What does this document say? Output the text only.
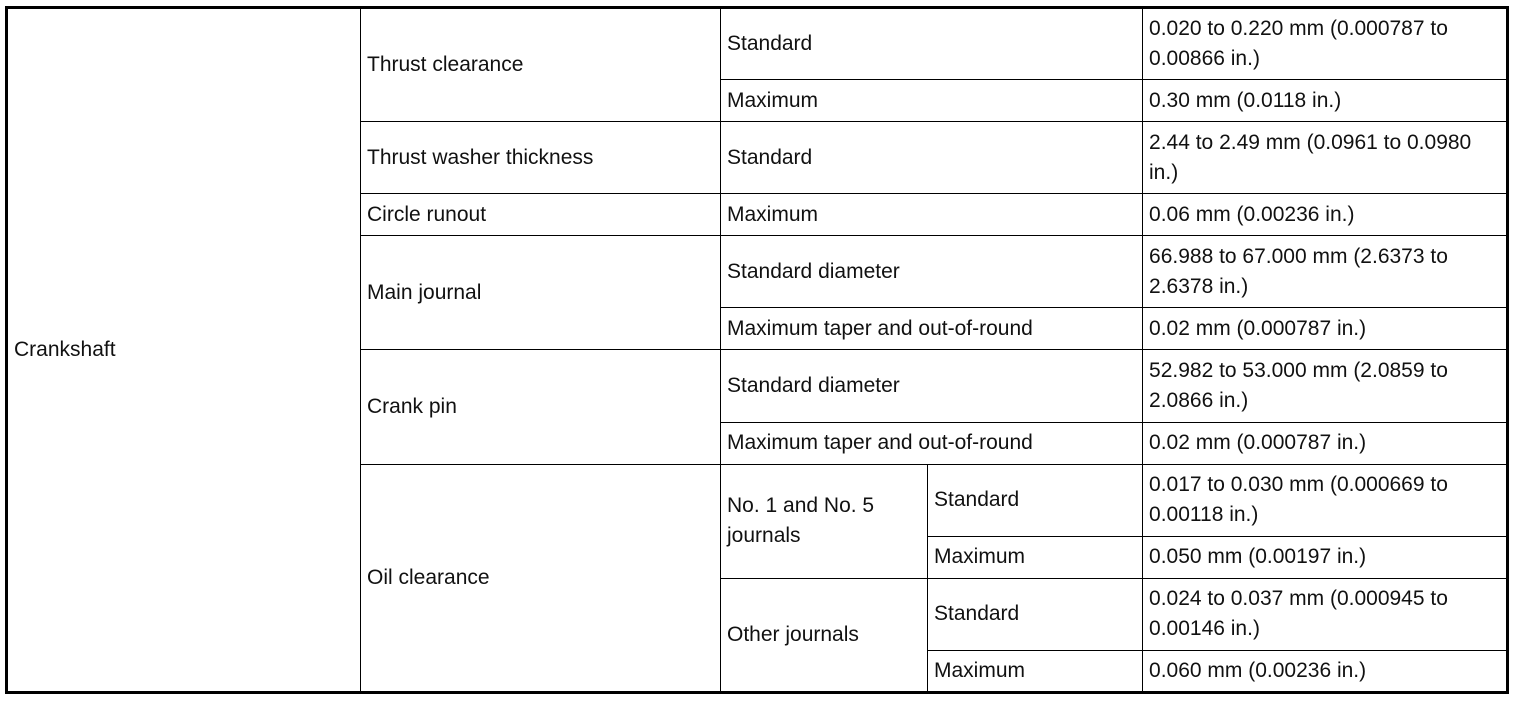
Crankshaft	Thrust clearance	Standard		0.020 to 0.220 mm (0.000787 to 0.00866 in.)
		Maximum		0.30 mm (0.0118 in.)
	Thrust washer thickness	Standard		2.44 to 2.49 mm (0.0961 to 0.0980 in.)
	Circle runout	Maximum		0.06 mm (0.00236 in.)
	Main journal	Standard diameter		66.988 to 67.000 mm (2.6373 to 2.6378 in.)
		Maximum taper and out-of-round		0.02 mm (0.000787 in.)
	Crank pin	Standard diameter		52.982 to 53.000 mm (2.0859 to 2.0866 in.)
		Maximum taper and out-of-round		0.02 mm (0.000787 in.)
	Oil clearance	No. 1 and No. 5 journals	Standard	0.017 to 0.030 mm (0.000669 to 0.00118 in.)
			Maximum	0.050 mm (0.00197 in.)
		Other journals	Standard	0.024 to 0.037 mm (0.000945 to 0.00146 in.)
			Maximum	0.060 mm (0.00236 in.)
